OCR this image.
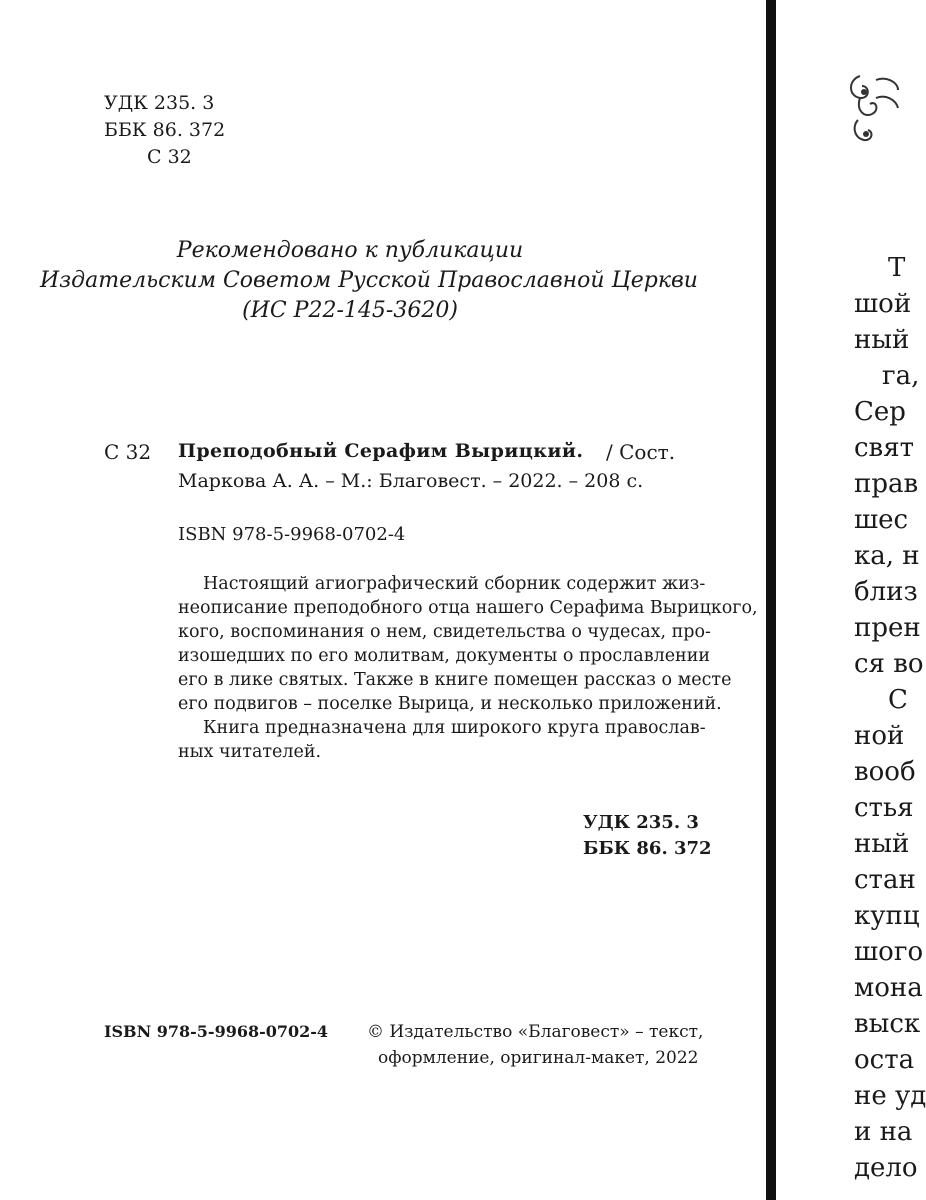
УДК 235. 3
ББК 86. 372
С 32
Рекомендовано к публикации
Издательским Советом Русской Православной Церкви
(ИС Р22-145-3620)
С 32 Преподобный Серафим Вырицкий. / Сост.
Маркова А. А. – М.: Благовест. – 2022. – 208 с.
ISBN 978-5-9968-0702-4
Настоящий агиографический сборник содержит жиз-
неописание преподобного отца нашего Серафима Вырицкого,
кого, воспоминания о нем, свидетельства о чудесах, про-
изошедших по его молитвам, документы о прославлении
его в лике святых. Также в книге помещен рассказ о месте
его подвигов – поселке Вырица, и несколько приложений.
Книга предназначена для широкого круга православ-
ных читателей.
УДК 235. 3
ББК 86. 372
ISBN 978-5-9968-0702-4 © Издательство «Благовест» – текст,
оформление, оригинал-макет, 2022
Т
шой
ный
га,
Сер
свят
прав
шес
ка, н
близ
прен
ся во
С
ной
вооб
стья
ный
стан
купц
шого
мона
выск
оста
не уд
и на
дело
